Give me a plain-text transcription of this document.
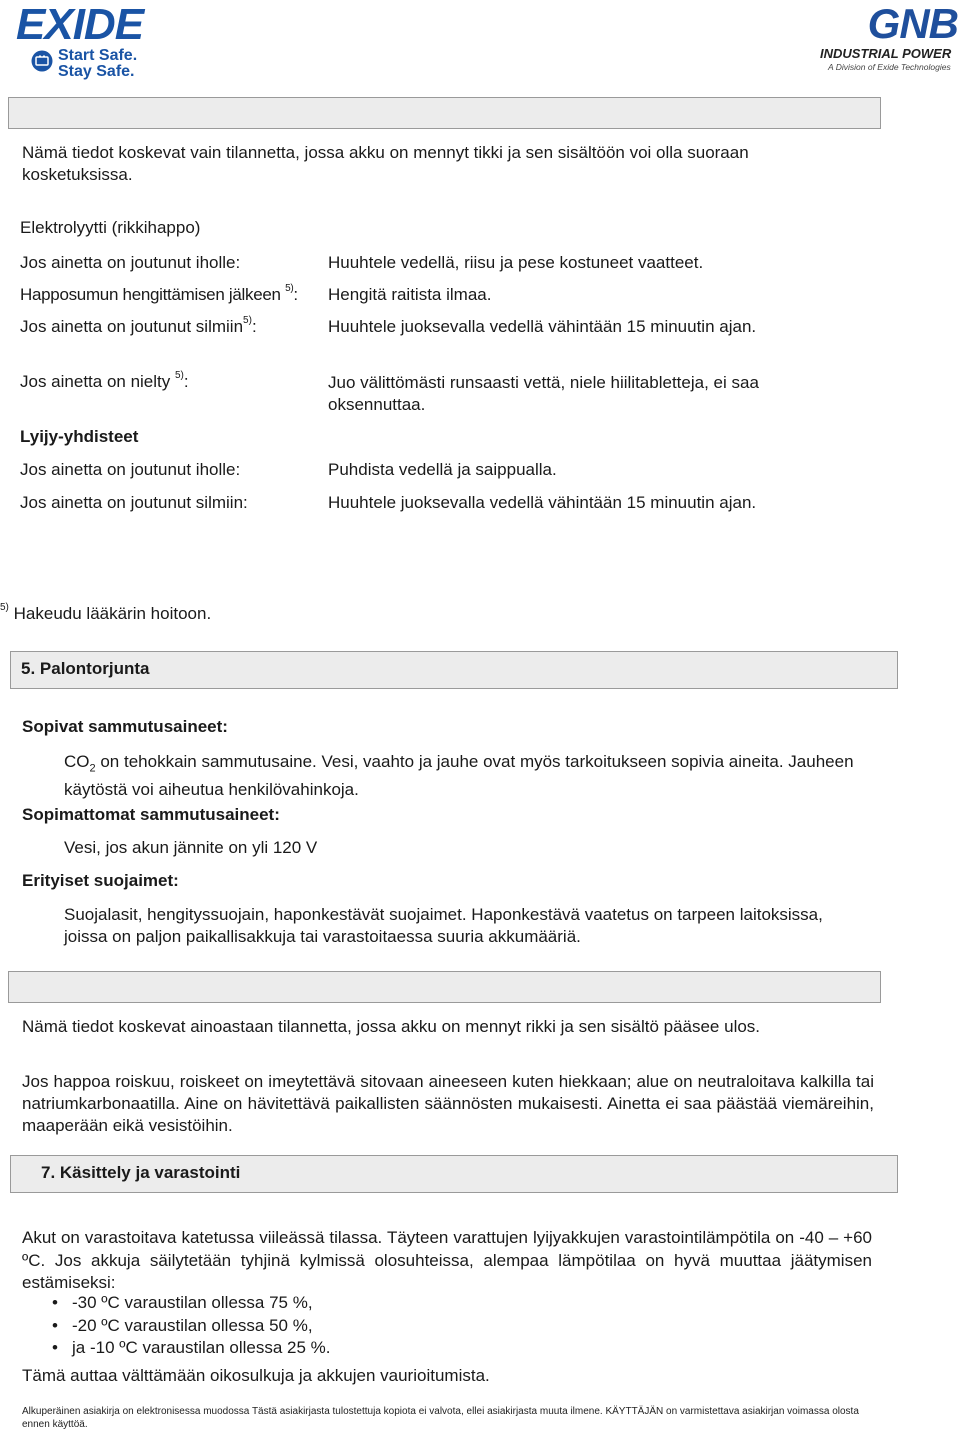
EXIDE
Start Safe.
Stay Safe.
GNB
INDUSTRIAL POWER
A Division of Exide Technologies

Nämä tiedot koskevat vain tilannetta, jossa akku on mennyt tikki ja sen sisältöön voi olla suoraan kosketuksissa.

Elektrolyytti (rikkihappo)
Jos ainetta on joutunut iholle:	Huuhtele vedellä, riisu ja pese kostuneet vaatteet.
Happosumun hengittämisen jälkeen $^{5)}$: Hengitä raitista ilmaa.
Jos ainetta on joutunut silmiin$^{5)}$:	Huuhtele juoksevalla vedellä vähintään 15 minuutin ajan.
Jos ainetta on nielty $^{5)}$:	Juo välittömästi runsaasti vettä, niele hiilitabletteja, ei saa oksennuttaa.
Lyijy-yhdisteet
Jos ainetta on joutunut iholle:	Puhdista vedellä ja saippualla.
Jos ainetta on joutunut silmiin:	Huuhtele juoksevalla vedellä vähintään 15 minuutin ajan.
$^{5)}$ Hakeudu lääkärin hoitoon.
5. Palontorjunta
Sopivat sammutusaineet:

$CO_2$ on tehokkain sammutusaine. Vesi, vaahto ja jauhe ovat myös tarkoitukseen sopivia aineita. Jauheen käytöstä voi aiheutua henkilövahinkoja.

Sopimattomat sammutusaineet:
Vesi, jos akun jännite on yli 120 V
Erityiset suojaimet:

Suojalasit, hengityssuojain, haponkestävät suojaimet. Haponkestävä vaatetus on tarpeen laitoksissa, joissa on paljon paikallisakkuja tai varastoitaessa suuria akkumääriä.

Nämä tiedot koskevat ainoastaan tilannetta, jossa akku on mennyt rikki ja sen sisältö pääsee ulos.

Jos happoa roiskuu, roiskeet on imeytettävä sitovaan aineeseen kuten hiekkaan; alue on neutraloitava kalkilla tai natriumkarbonaatilla. Aine on hävitettävä paikallisten säännösten mukaisesti. Ainetta ei saa päästää viemäreihin, maaperään eikä vesistöihin.

7. Käsittely ja varastointi

Akut on varastoitava katetussa viileässä tilassa. Täyteen varattujen lyijyakkujen varastointilämpötila on -40 – +60 ºC. Jos akkuja säilytetään tyhjinä kylmissä olosuhteissa, alempaa lämpötilaa on hyvä muuttaa jäätymisen estämiseksi:

• -30 ºC varaustilan ollessa 75 %,
• -20 ºC varaustilan ollessa 50 %,
• ja -10 ºC varaustilan ollessa 25 %.
Tämä auttaa välttämään oikosulkuja ja akkujen vaurioitumista.

Alkuperäinen asiakirja on elektronisessa muodossa Tästä asiakirjasta tulostettuja kopiota ei valvota, ellei asiakirjasta muuta ilmene. KÄYTTÄJÄN on varmistettava asiakirjan voimassa olosta ennen käyttöä.
